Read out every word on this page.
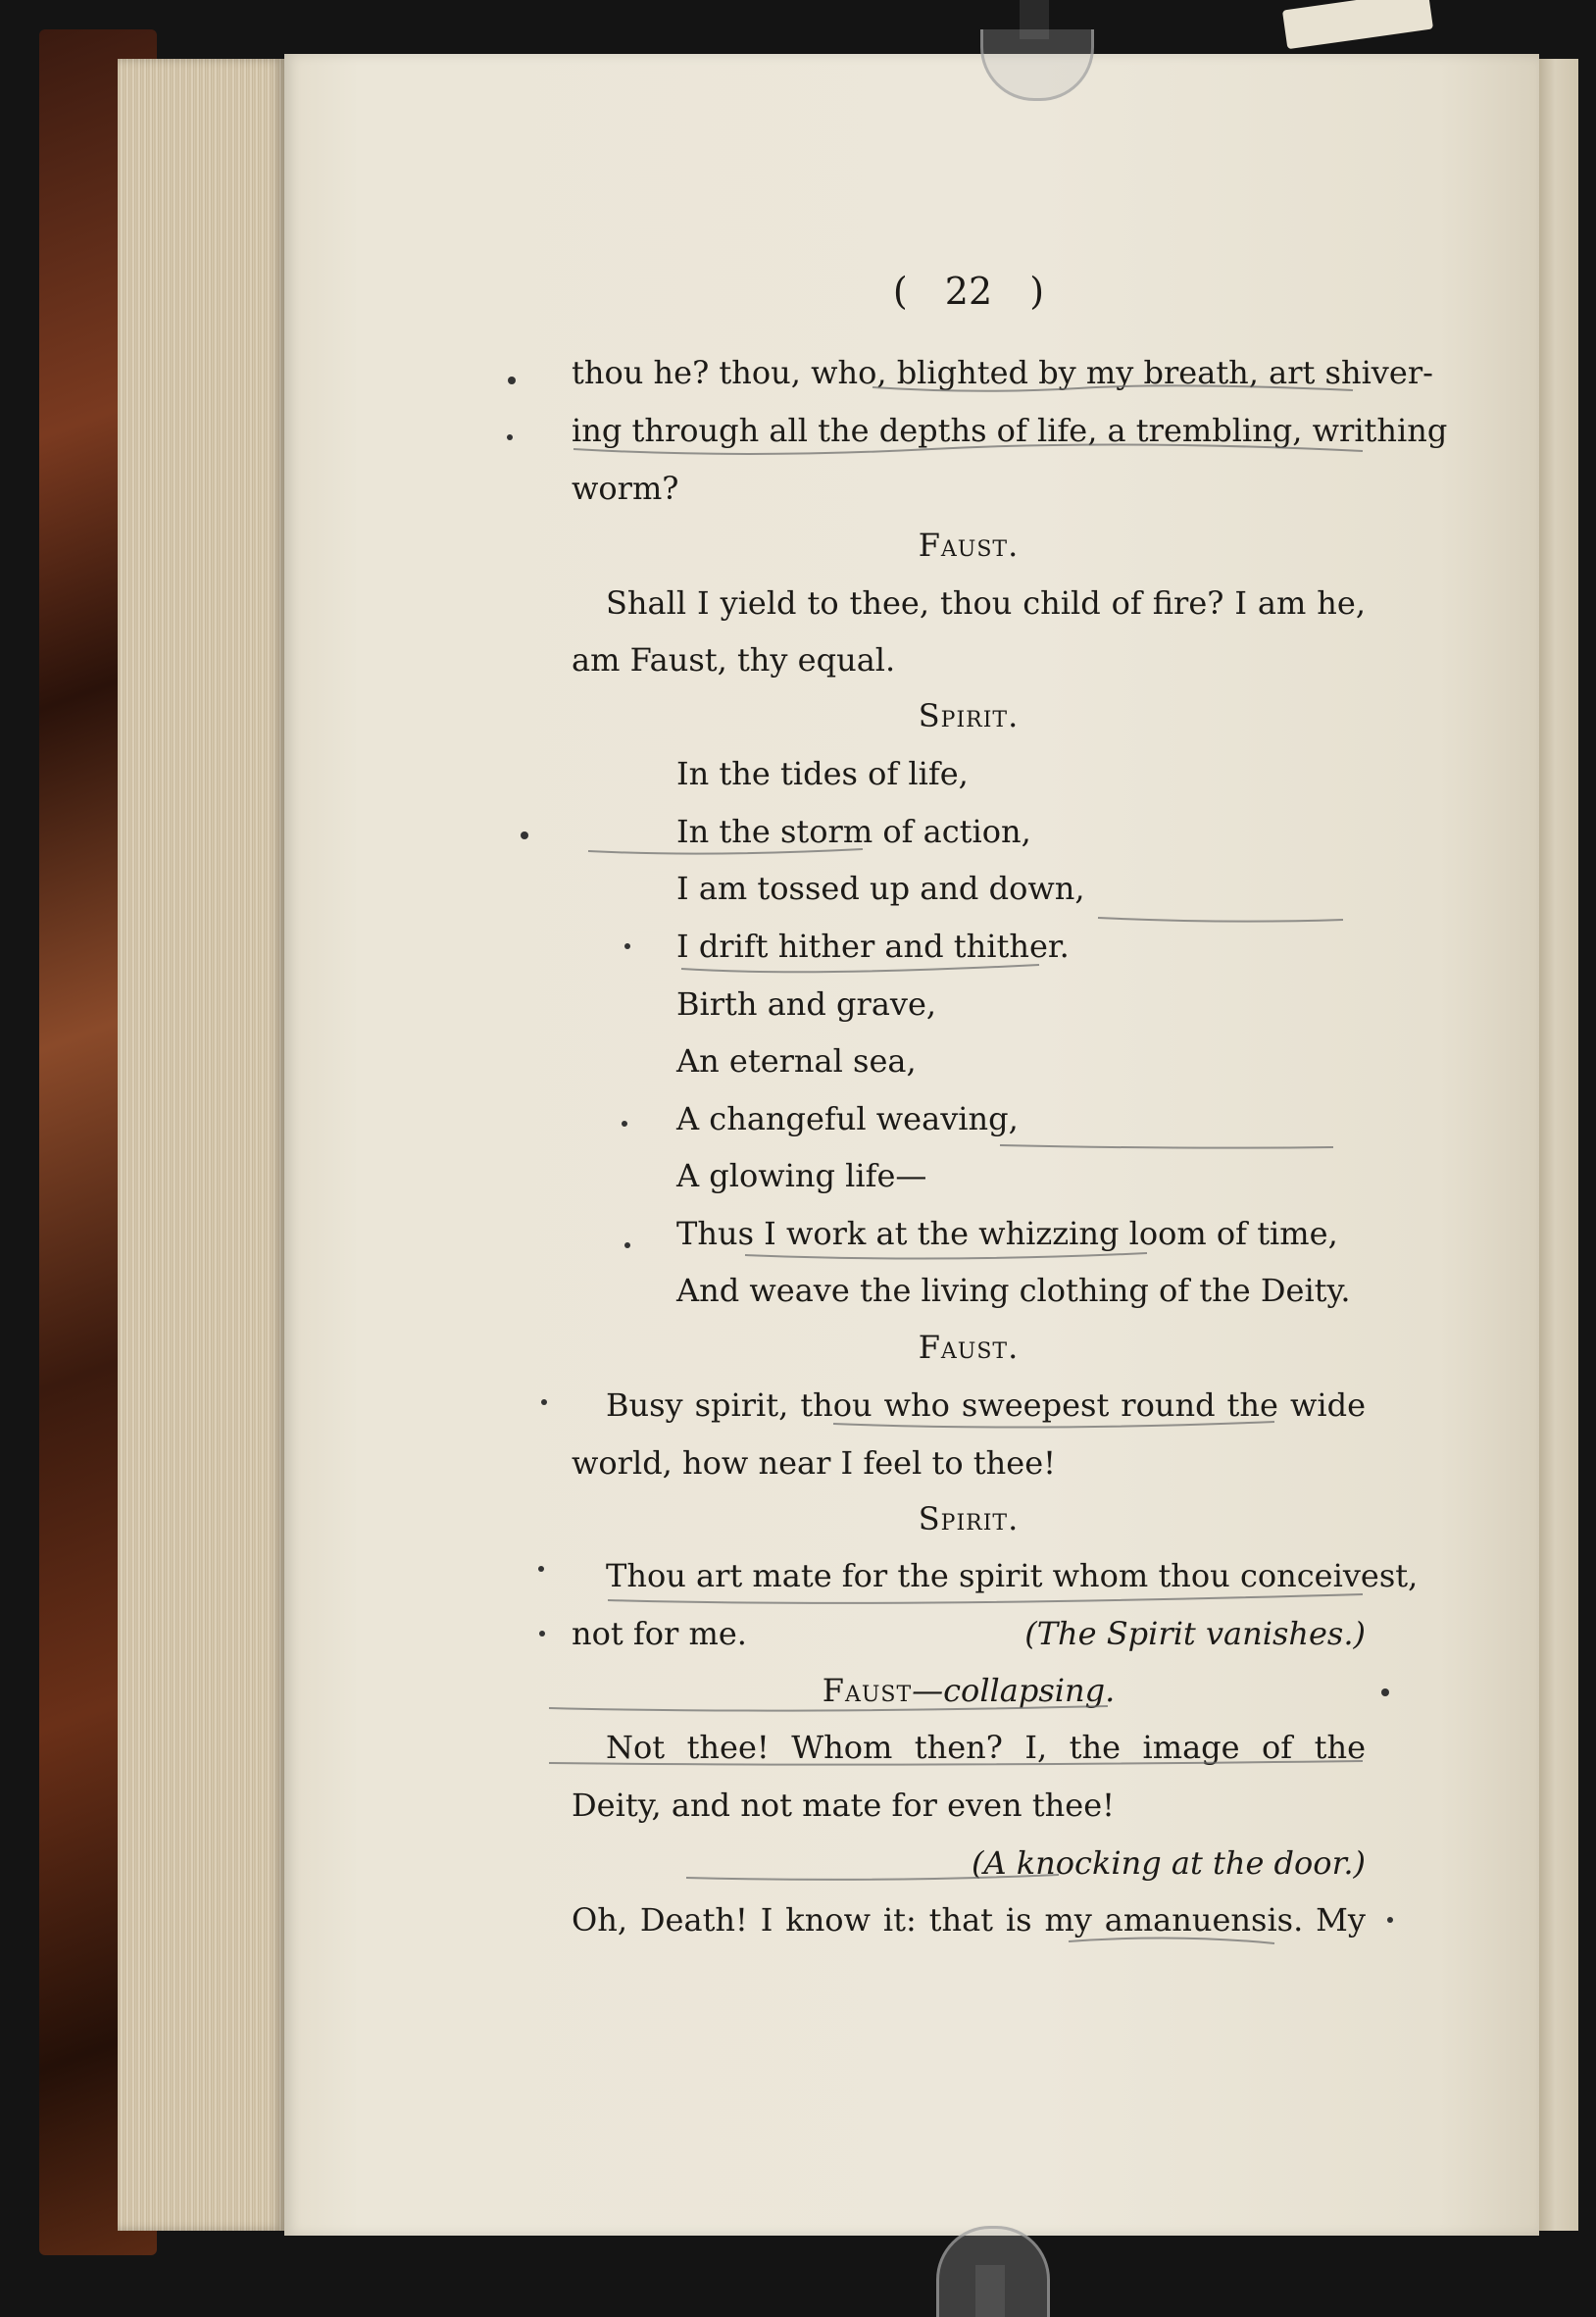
( 22 )
thou he? thou, who, blighted by my breath, art shiver-
ing through all the depths of life, a trembling, writhing
worm?
Faust.
Shall I yield to thee, thou child of fire? I am he,
am Faust, thy equal.
Spirit.
In the tides of life,
In the storm of action,
I am tossed up and down,
I drift hither and thither.
Birth and grave,
An eternal sea,
A changeful weaving,
A glowing life—
Thus I work at the whizzing loom of time,
And weave the living clothing of the Deity.
Faust.
Busy spirit, thou who sweepest round the wide
world, how near I feel to thee!
Spirit.
Thou art mate for the spirit whom thou conceivest,
not for me.	(The Spirit vanishes.)
Faust—collapsing.
Not thee! Whom then? I, the image of the
Deity, and not mate for even thee!
(A knocking at the door.)
Oh, Death! I know it: that is my amanuensis. My
